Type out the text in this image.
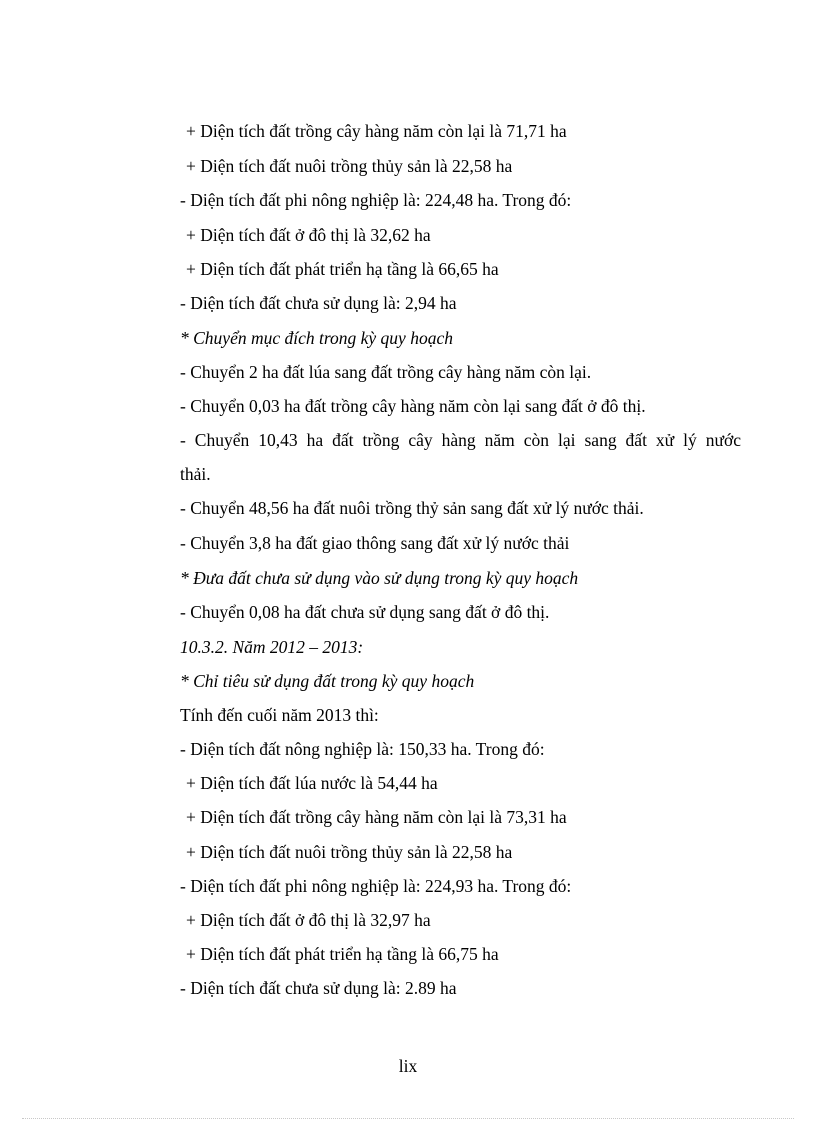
+ Diện tích đất trồng cây hàng năm còn lại là 71,71 ha
+ Diện tích đất nuôi trồng thủy sản là 22,58 ha
- Diện tích đất phi nông nghiệp là: 224,48 ha. Trong đó:
+ Diện tích đất ở đô thị là 32,62 ha
+ Diện tích đất phát triển hạ tầng là 66,65 ha
- Diện tích đất chưa sử dụng là: 2,94 ha
* Chuyển mục đích trong kỳ quy hoạch
- Chuyển 2 ha đất lúa sang đất trồng cây hàng năm còn lại.
- Chuyển 0,03 ha đất trồng cây hàng năm còn lại sang đất ở đô thị.
- Chuyển 10,43 ha đất trồng cây hàng năm còn lại sang đất xử lý nước
thải.
- Chuyển 48,56 ha đất nuôi trồng thỷ sản sang đất xử lý nước thải.
- Chuyển 3,8 ha đất giao thông sang đất xử lý nước thải
* Đưa đất chưa sử dụng vào sử dụng trong kỳ quy hoạch
- Chuyển 0,08 ha đất chưa sử dụng sang đất ở đô thị.
10.3.2. Năm 2012 – 2013:
* Chỉ tiêu sử dụng đất trong kỳ quy hoạch
Tính đến cuối năm 2013 thì:
- Diện tích đất nông nghiệp là: 150,33 ha. Trong đó:
+ Diện tích đất lúa nước là 54,44 ha
+ Diện tích đất trồng cây hàng năm còn lại là 73,31 ha
+ Diện tích đất nuôi trồng thủy sản là 22,58 ha
- Diện tích đất phi nông nghiệp là: 224,93 ha. Trong đó:
+ Diện tích đất ở đô thị là 32,97 ha
+ Diện tích đất phát triển hạ tầng là 66,75 ha
- Diện tích đất chưa sử dụng là: 2.89 ha
lix
